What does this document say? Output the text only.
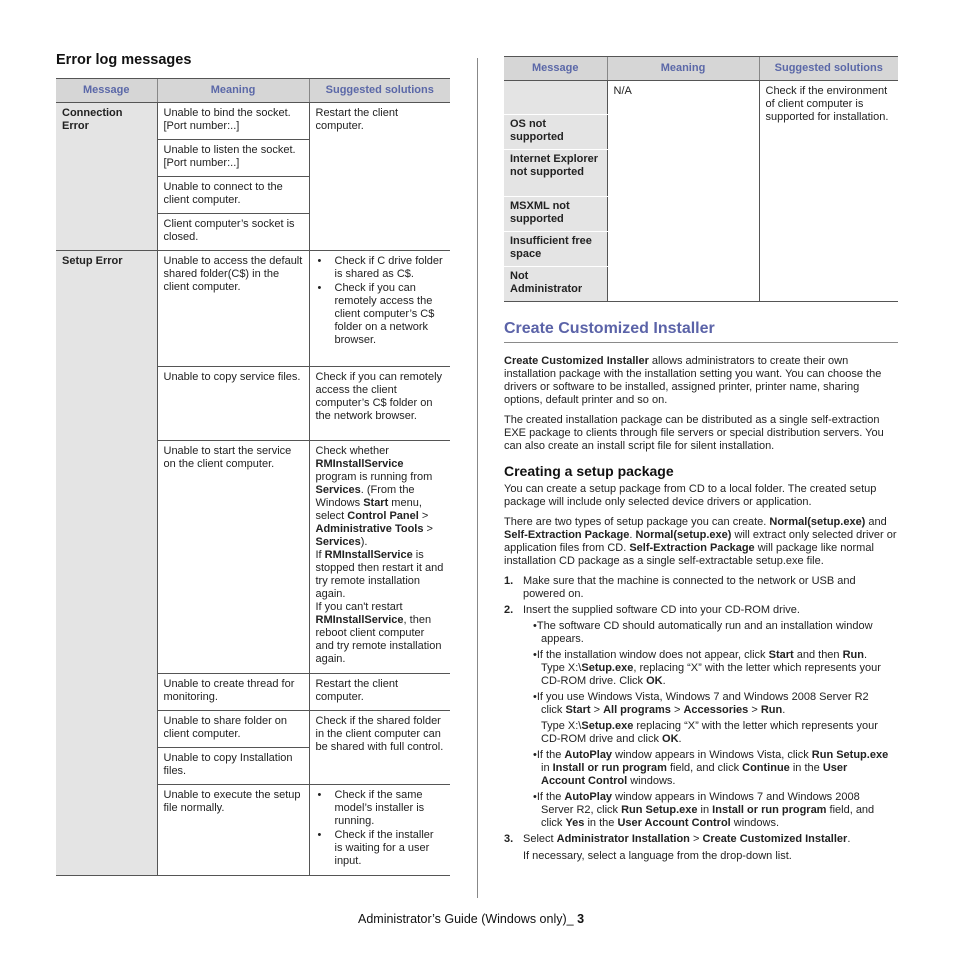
Error log messages
Message	Meaning	Suggested solutions
Connection Error	Unable to bind the socket. [Port number:..]	Restart the client computer.
	Unable to listen the socket. [Port number:..]	
	Unable to connect to the client computer.	
	Client computer’s socket is closed.	
Setup Error	Unable to access the default shared folder(C$) in the client computer.	• Check if C drive folder is shared as C$.
• Check if you can remotely access the client computer’s C$ folder on a network browser.

	Unable to copy service files.	Check if you can remotely access the client computer’s C$ folder on the network browser.
	Unable to start the service on the client computer.	Check whether RMInstallService program is running from Services. (From the Windows Start menu, select Control Panel > Administrative Tools > Services).
If RMInstallService is stopped then restart it and try remote installation again.
If you can't restart RMInstallService, then reboot client computer and try remote installation again.

	Unable to create thread for monitoring.	Restart the client computer.
	Unable to share folder on client computer.	Check if the shared folder in the client computer can be shared with full control.
	Unable to copy Installation files.	
	Unable to execute the setup file normally.	• Check if the same model’s installer is running.
• Check if the installer is waiting for a user input.
Message	Meaning	Suggested solutions
	N/A	Check if the environment of client computer is supported for installation.
OS not supported		
Internet Explorer not supported		
MSXML not supported		
Insufficient free space		
Not Administrator		
Create Customized Installer

Create Customized Installer allows administrators to create their own installation package with the installation setting you want. You can choose the drivers or software to be installed, assigned printer, printer name, sharing options, default printer and so on.

The created installation package can be distributed as a single self-extraction EXE package to clients through file servers or special distribution servers. You can also create an install script file for silent installation.

Creating a setup package

You can create a setup package from CD to a local folder. The created setup package will include only selected device drivers or application.

There are two types of setup package you can create. Normal(setup.exe) and Self-Extraction Package. Normal(setup.exe) will extract only selected driver or application files from CD. Self-Extraction Package will package like normal installation CD package as a single self-extractable setup.exe file.

1. Make sure that the machine is connected to the network or USB and powered on.
2. Insert the supplied software CD into your CD-ROM drive.
•The software CD should automatically run and an installation window appears.
•If the installation window does not appear, click Start and then Run. Type X:\Setup.exe, replacing “X” with the letter which represents your CD-ROM drive. Click OK.
•If you use Windows Vista, Windows 7 and Windows 2008 Server R2 click Start > All programs > Accessories > Run.
Type X:\Setup.exe replacing “X” with the letter which represents your CD-ROM drive and click OK.
•If the AutoPlay window appears in Windows Vista, click Run Setup.exe in Install or run program field, and click Continue in the User Account Control windows.
•If the AutoPlay window appears in Windows 7 and Windows 2008 Server R2, click Run Setup.exe in Install or run program field, and click Yes in the User Account Control windows.
3. Select Administrator Installation > Create Customized Installer.
If necessary, select a language from the drop-down list.
Administrator’s Guide (Windows only)_ 3
